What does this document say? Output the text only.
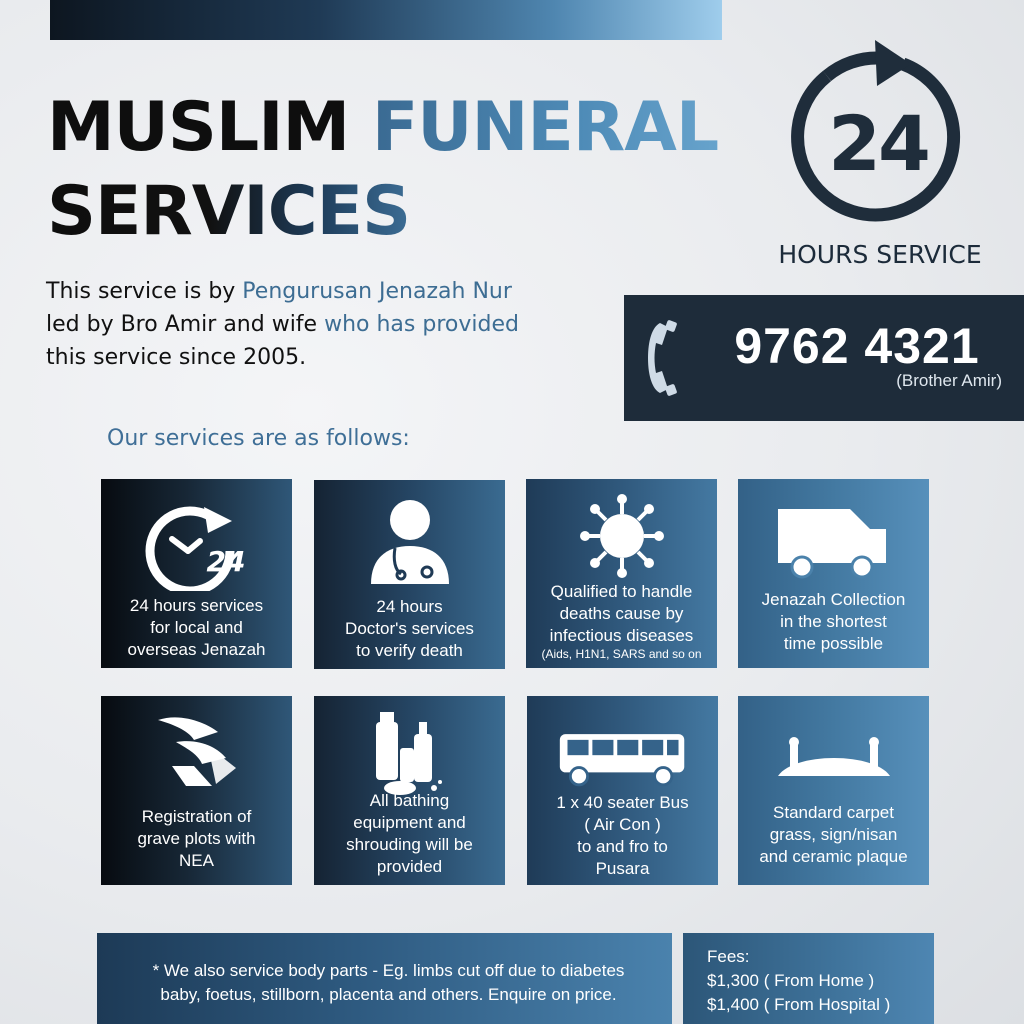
MUSLIM FUNERAL
SERVICES
This service is by Pengurusan Jenazah Nur
led by Bro Amir and wife who has provided
this service since 2005.
24
HOURS SERVICE
9762 4321
(Brother Amir)
Our services are as follows:
24
24 hours services
for local and
overseas Jenazah
24 hours
Doctor's services
to verify death
Qualified to handle
deaths cause by
infectious diseases
(Aids, H1N1, SARS and so on
Jenazah Collection
in the shortest
time possible
Registration of
grave plots with
NEA
All bathing
equipment and
shrouding will be
provided
1 x 40 seater Bus
( Air Con )
to and fro to
Pusara
Standard carpet
grass, sign/nisan
and ceramic plaque
* We also service body parts - Eg. limbs cut off due to diabetes
baby, foetus, stillborn, placenta and others. Enquire on price.
Fees:
$1,300 ( From Home )
$1,400 ( From Hospital )
